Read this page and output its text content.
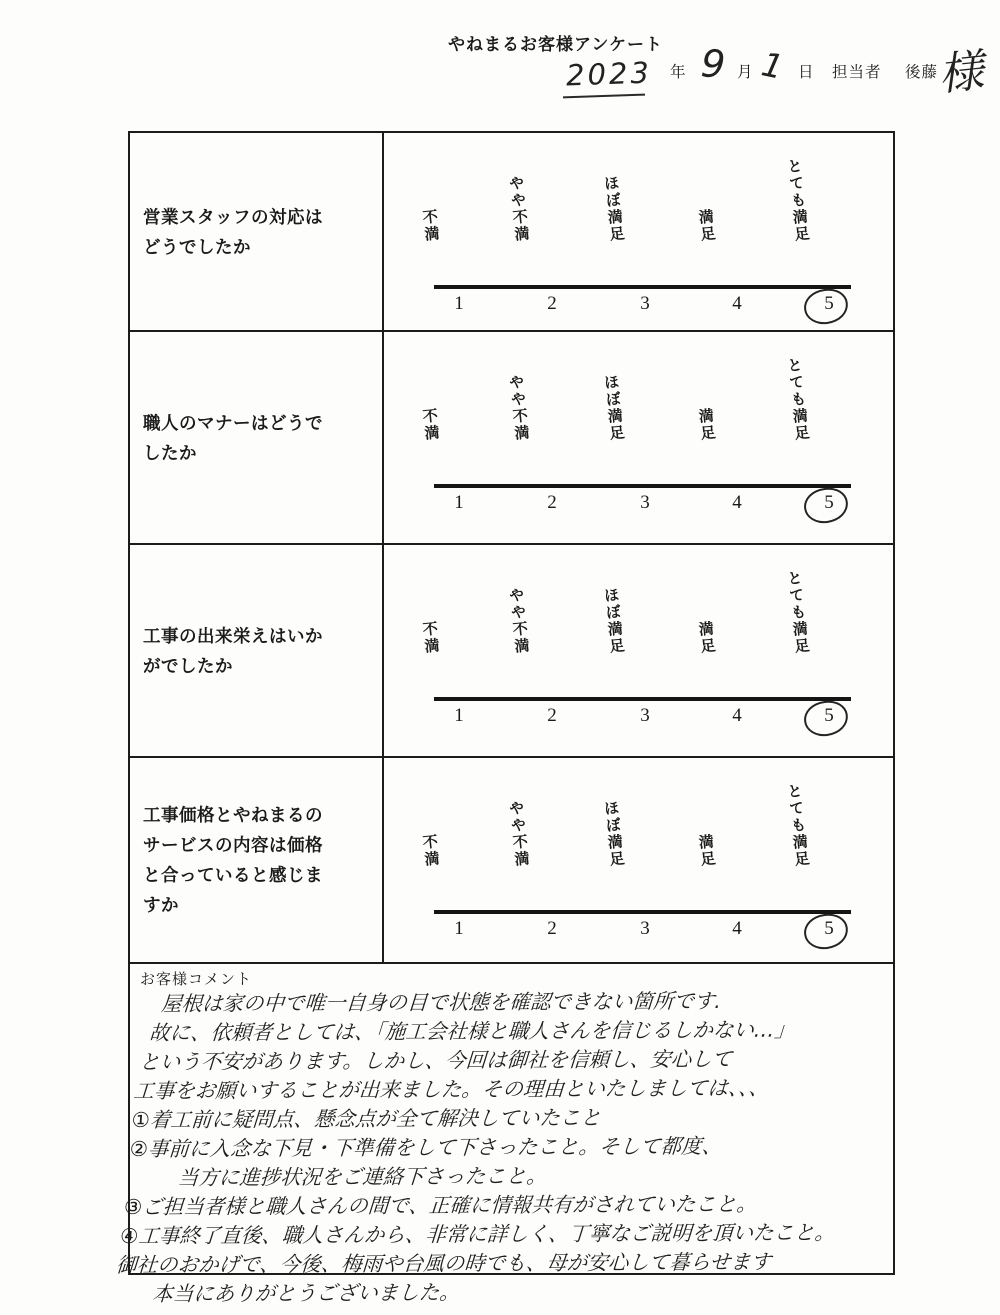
やねまるお客様アンケート
2023 年 9 月 1 日 担当者 後藤
様
営業スタッフの対応はどうでしたか
不満	やや不満	ほぼ満足	満足	とても満足
1	2	3	4	5
職人のマナーはどうでしたか
不満	やや不満	ほぼ満足	満足	とても満足
1	2	3	4	5
工事の出来栄えはいかがでしたか
不満	やや不満	ほぼ満足	満足	とても満足
1	2	3	4	5
工事価格とやねまるのサービスの内容は価格と合っていると感じますか
不満	やや不満	ほぼ満足	満足	とても満足
1	2	3	4	5
お客様コメント
屋根は家の中で唯一自身の目で状態を確認できない箇所です.
故に、依頼者としては、「施工会社様と職人さんを信じるしかない…」
という不安があります。しかし、今回は御社を信頼し、安心して
工事をお願いすることが出来ました。その理由といたしましては、、、
①着工前に疑問点、懸念点が全て解決していたこと
②事前に入念な下見・下準備をして下さったこと。そして都度、
当方に進捗状況をご連絡下さったこと。
③ご担当者様と職人さんの間で、正確に情報共有がされていたこと。
④工事終了直後、職人さんから、非常に詳しく、丁寧なご説明を頂いたこと。
御社のおかげで、今後、梅雨や台風の時でも、母が安心して暮らせます
本当にありがとうございました。
